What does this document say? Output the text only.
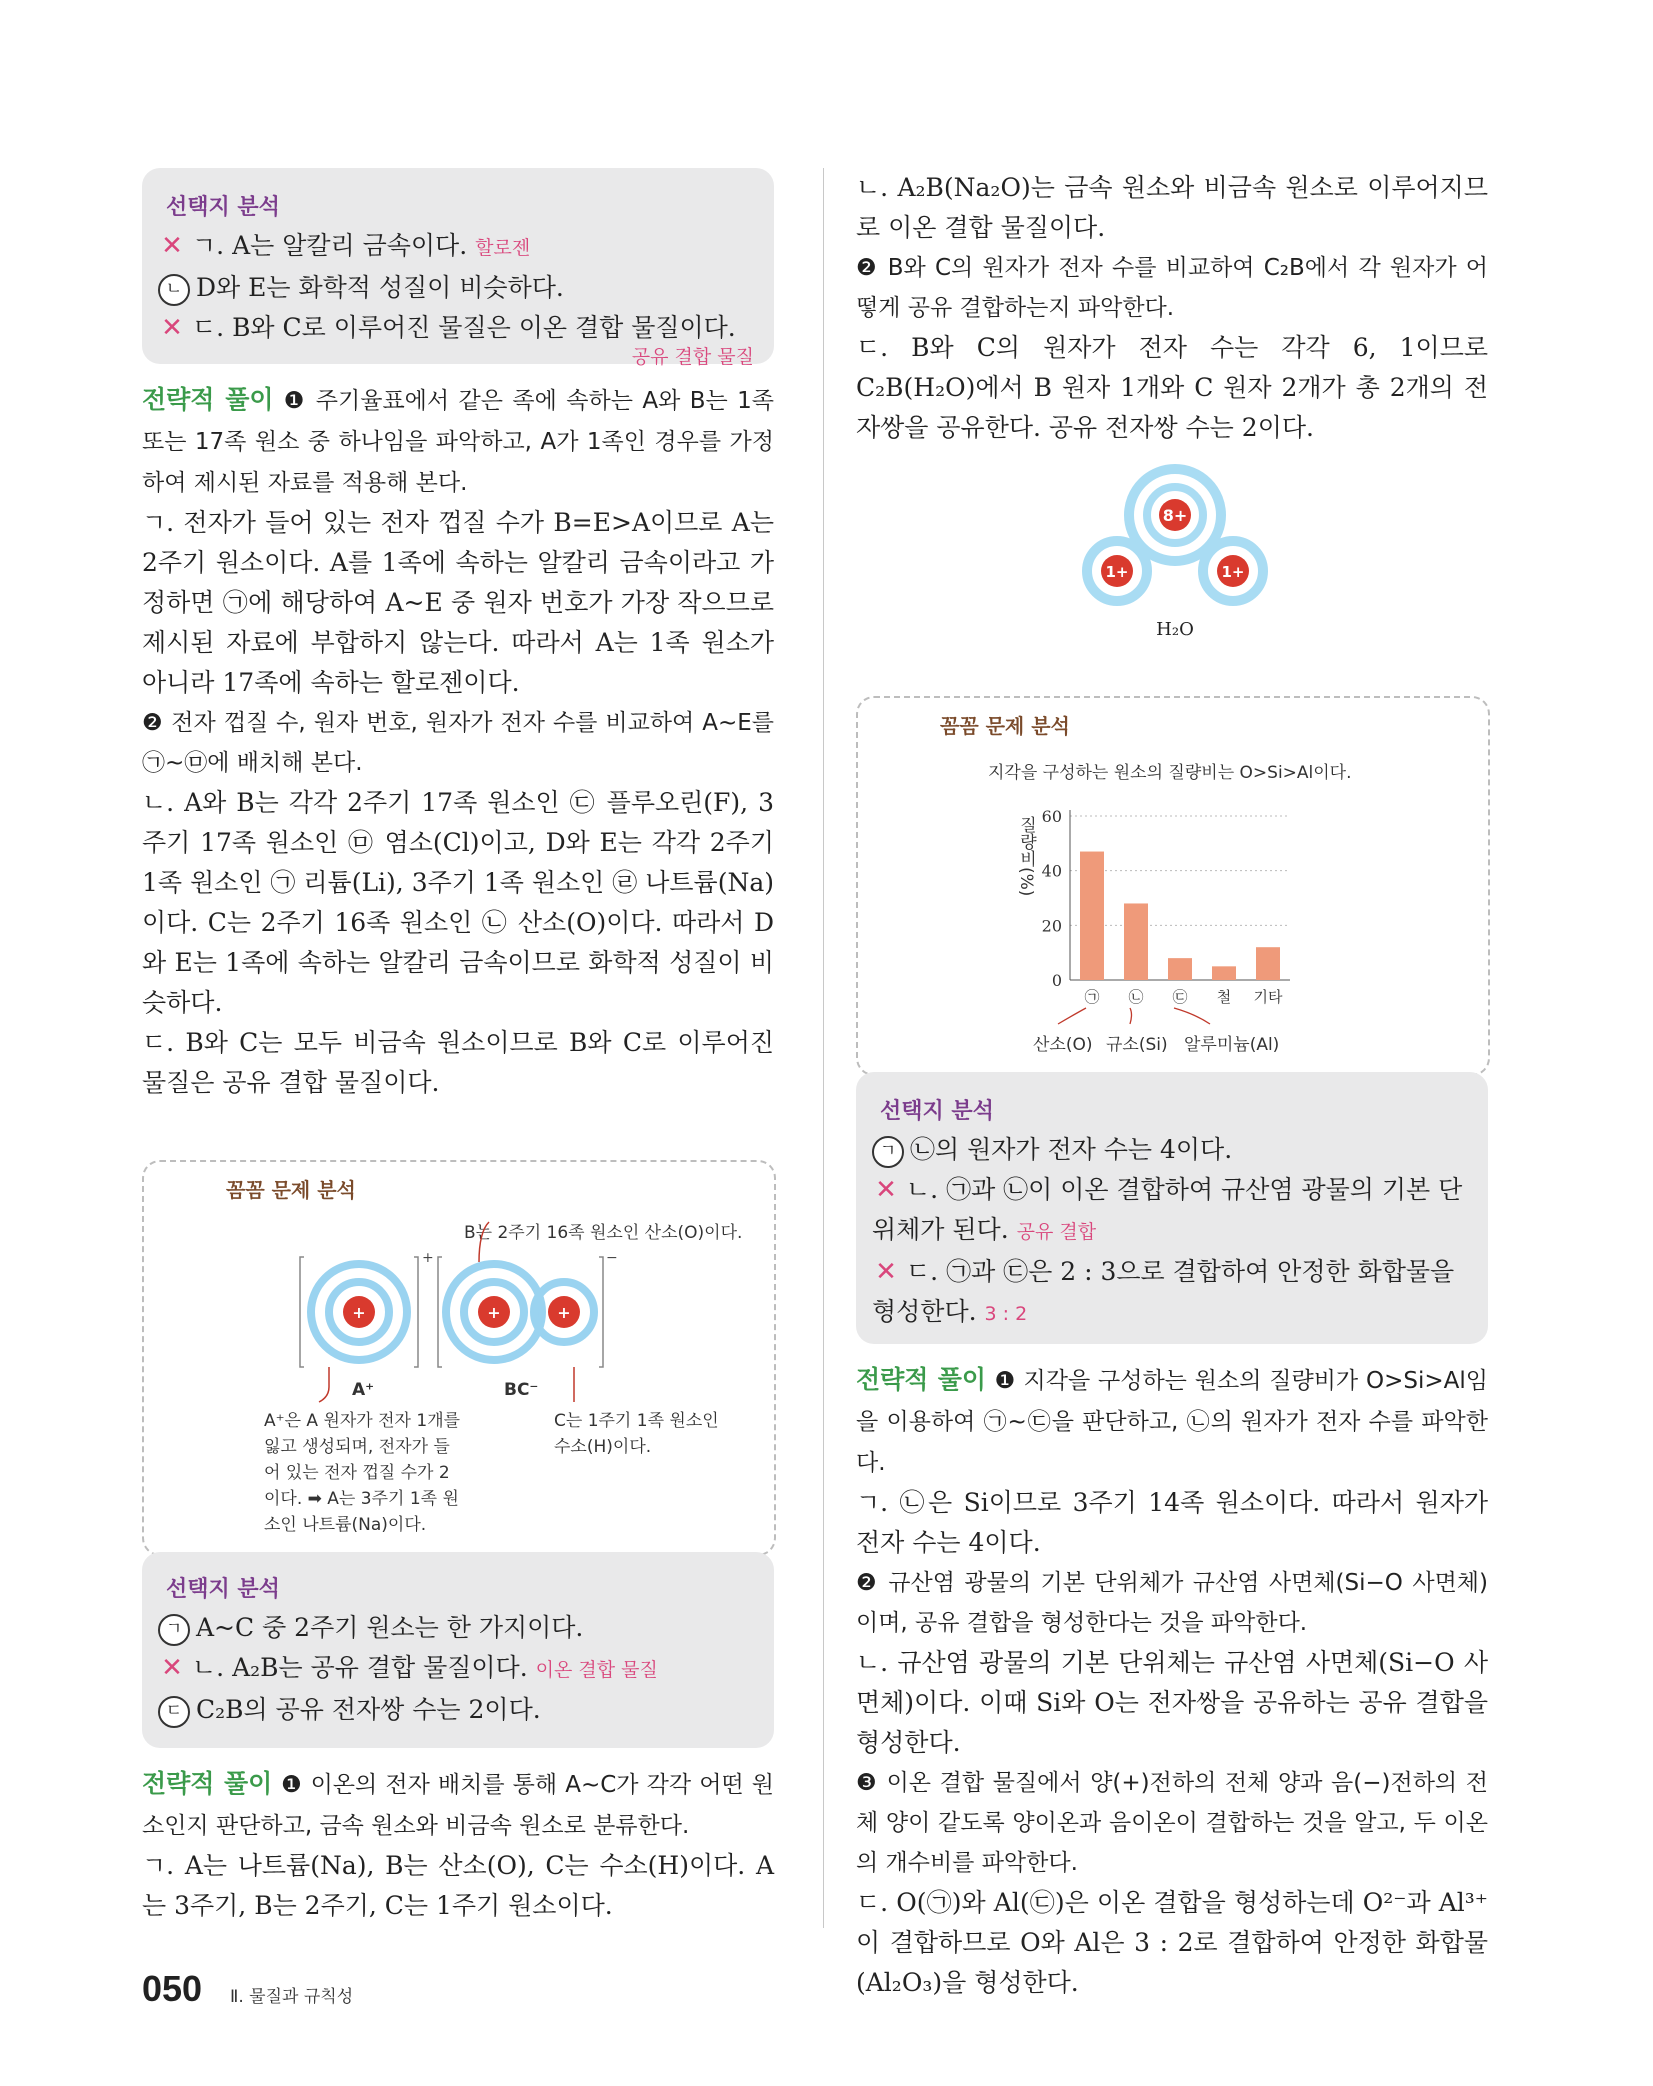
선택지 분석
✕ ㄱ. A는 알칼리 금속이다. 할로젠
ㄴ D와 E는 화학적 성질이 비슷하다.
✕ ㄷ. B와 C로 이루어진 물질은 이온 결합 물질이다.
공유 결합 물질

전략적 풀이 ❶ 주기율표에서 같은 족에 속하는 A와 B는 1족 또는 17족 원소 중 하나임을 파악하고, A가 1족인 경우를 가정하여 제시된 자료를 적용해 본다.

ㄱ. 전자가 들어 있는 전자 껍질 수가 B=E>A이므로 A는 2주기 원소이다. A를 1족에 속하는 알칼리 금속이라고 가정하면 ㉠에 해당하여 A~E 중 원자 번호가 가장 작으므로 제시된 자료에 부합하지 않는다. 따라서 A는 1족 원소가 아니라 17족에 속하는 할로젠이다.

❷ 전자 껍질 수, 원자 번호, 원자가 전자 수를 비교하여 A~E를 ㉠~㉤에 배치해 본다.

ㄴ. A와 B는 각각 2주기 17족 원소인 ㉢ 플루오린(F), 3주기 17족 원소인 ㉤ 염소(Cl)이고, D와 E는 각각 2주기 1족 원소인 ㉠ 리튬(Li), 3주기 1족 원소인 ㉣ 나트륨(Na)이다. C는 2주기 16족 원소인 ㉡ 산소(O)이다. 따라서 D와 E는 1족에 속하는 알칼리 금속이므로 화학적 성질이 비슷하다.

ㄷ. B와 C는 모두 비금속 원소이므로 B와 C로 이루어진 물질은 공유 결합 물질이다.

꼼꼼 문제 분석
B는 2주기 16족 원소인 산소(O)이다.
+
+
−
+	+
A⁺	BC⁻
A⁺은 A 원자가 전자 1개를 잃고 생성되며, 전자가 들어 있는 전자 껍질 수가 2이다. ➡ A는 3주기 1족 원소인 나트륨(Na)이다.
C는 1주기 1족 원소인 수소(H)이다.
선택지 분석
ㄱ A~C 중 2주기 원소는 한 가지이다.
✕ ㄴ. A₂B는 공유 결합 물질이다. 이온 결합 물질
ㄷ C₂B의 공유 전자쌍 수는 2이다.

전략적 풀이 ❶ 이온의 전자 배치를 통해 A~C가 각각 어떤 원소인지 판단하고, 금속 원소와 비금속 원소로 분류한다.

ㄱ. A는 나트륨(Na), B는 산소(O), C는 수소(H)이다. A는 3주기, B는 2주기, C는 1주기 원소이다.

ㄴ. A₂B(Na₂O)는 금속 원소와 비금속 원소로 이루어지므로 이온 결합 물질이다.

❷ B와 C의 원자가 전자 수를 비교하여 C₂B에서 각 원자가 어떻게 공유 결합하는지 파악한다.

ㄷ. B와 C의 원자가 전자 수는 각각 6, 1이므로 C₂B(H₂O)에서 B 원자 1개와 C 원자 2개가 총 2개의 전자쌍을 공유한다. 공유 전자쌍 수는 2이다.

8+
1+	1+
H₂O
꼼꼼 문제 분석
지각을 구성하는 원소의 질량비는 O>Si>Al이다.
0
20
40
60
질량비(%)
㉠ ㉡ ㉢ 철 기타
산소(O) 규소(Si) 알루미늄(Al)
선택지 분석
ㄱ ㉡의 원자가 전자 수는 4이다.
✕ ㄴ. ㉠과 ㉡이 이온 결합하여 규산염 광물의 기본 단위체가 된다. 공유 결합
✕ ㄷ. ㉠과 ㉢은 2 : 3으로 결합하여 안정한 화합물을 형성한다. 3 : 2

전략적 풀이 ❶ 지각을 구성하는 원소의 질량비가 O>Si>Al임을 이용하여 ㉠~㉢을 판단하고, ㉡의 원자가 전자 수를 파악한다.

ㄱ. ㉡은 Si이므로 3주기 14족 원소이다. 따라서 원자가 전자 수는 4이다.

❷ 규산염 광물의 기본 단위체가 규산염 사면체(Si−O 사면체)이며, 공유 결합을 형성한다는 것을 파악한다.

ㄴ. 규산염 광물의 기본 단위체는 규산염 사면체(Si−O 사면체)이다. 이때 Si와 O는 전자쌍을 공유하는 공유 결합을 형성한다.

❸ 이온 결합 물질에서 양(+)전하의 전체 양과 음(−)전하의 전체 양이 같도록 양이온과 음이온이 결합하는 것을 알고, 두 이온의 개수비를 파악한다.

ㄷ. O(㉠)와 Al(㉢)은 이온 결합을 형성하는데 O²⁻과 Al³⁺이 결합하므로 O와 Al은 3 : 2로 결합하여 안정한 화합물(Al₂O₃)을 형성한다.

050 Ⅱ. 물질과 규칙성
